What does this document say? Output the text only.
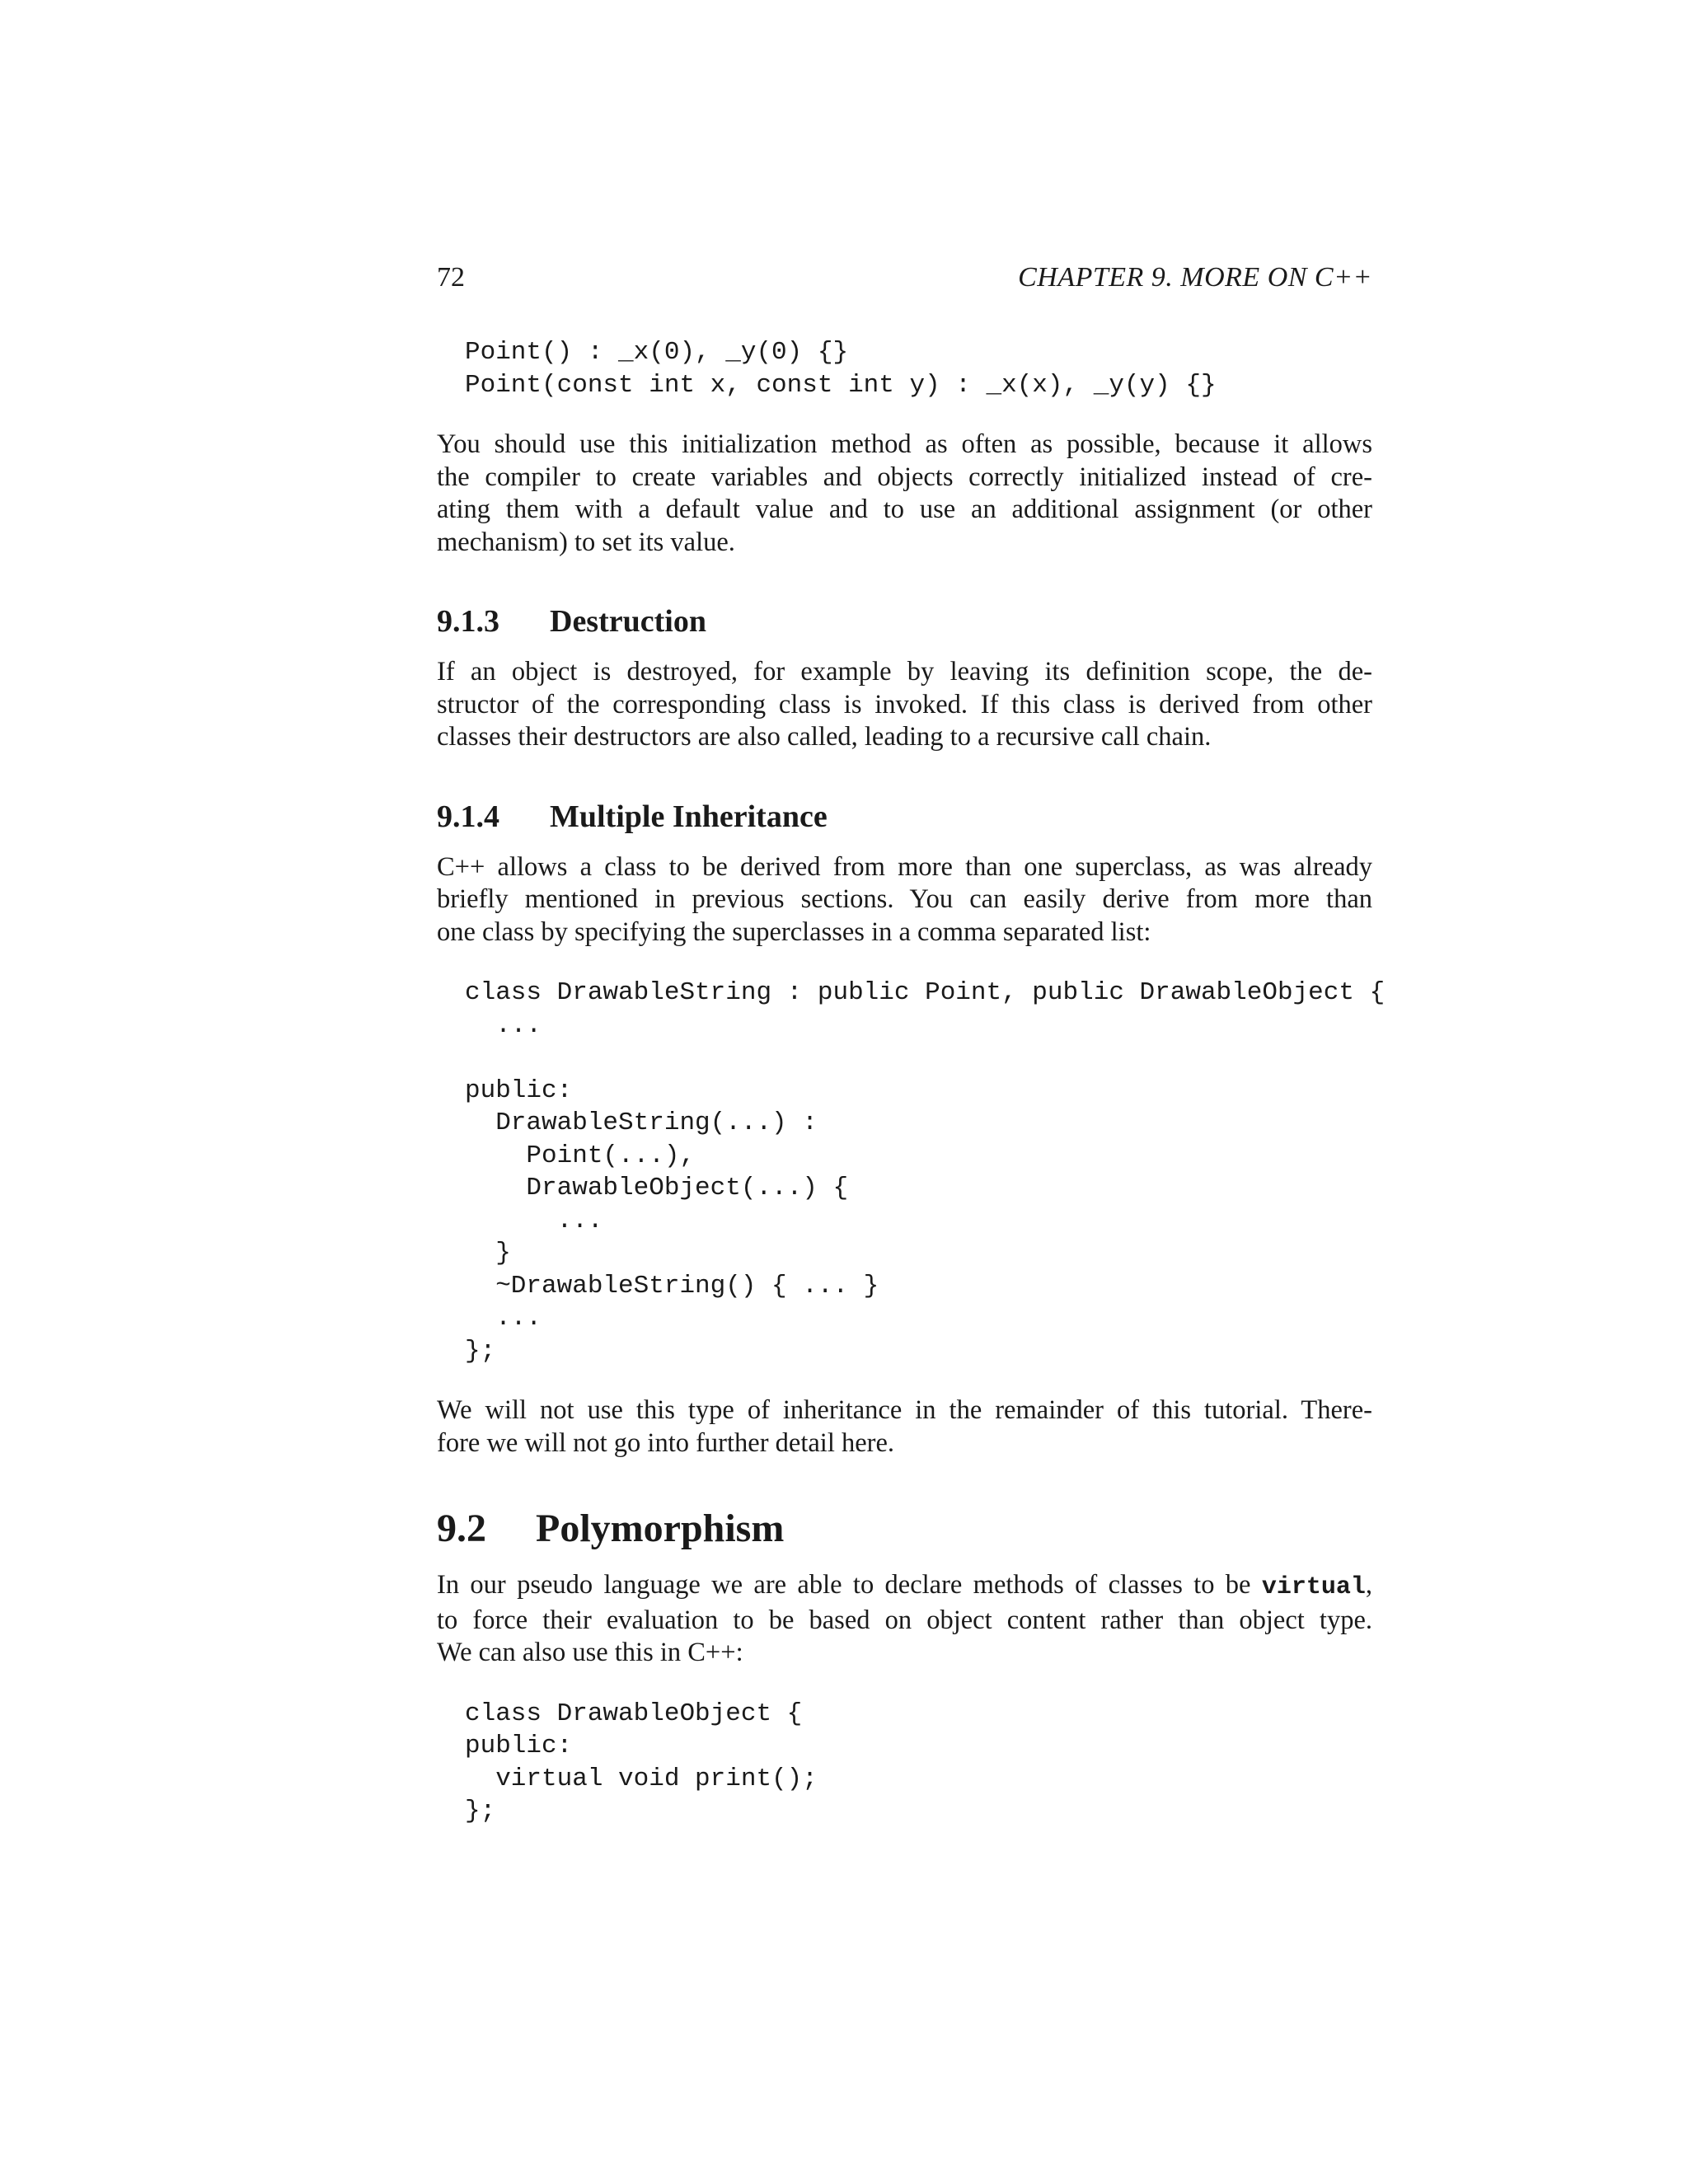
72	CHAPTER 9. MORE ON C++
Point() : _x(0), _y(0) {}
Point(const int x, const int y) : _x(x), _y(y) {}

You should use this initialization method as often as possible, because it allows
the compiler to create variables and objects correctly initialized instead of cre-
ating them with a default value and to use an additional assignment (or other
mechanism) to set its value.

9.1.3	Destruction

If an object is destroyed, for example by leaving its definition scope, the de-
structor of the corresponding class is invoked. If this class is derived from other
classes their destructors are also called, leading to a recursive call chain.

9.1.4	Multiple Inheritance

C++ allows a class to be derived from more than one superclass, as was already
briefly mentioned in previous sections. You can easily derive from more than
one class by specifying the superclasses in a comma separated list:

class DrawableString : public Point, public DrawableObject {
...

public:
DrawableString(...) :
Point(...),
DrawableObject(...) {
...
}
~DrawableString() { ... }
...
};

We will not use this type of inheritance in the remainder of this tutorial. There-
fore we will not go into further detail here.

9.2	Polymorphism

In our pseudo language we are able to declare methods of classes to be virtual,
to force their evaluation to be based on object content rather than object type.
We can also use this in C++:

class DrawableObject {
public:
virtual void print();
};
